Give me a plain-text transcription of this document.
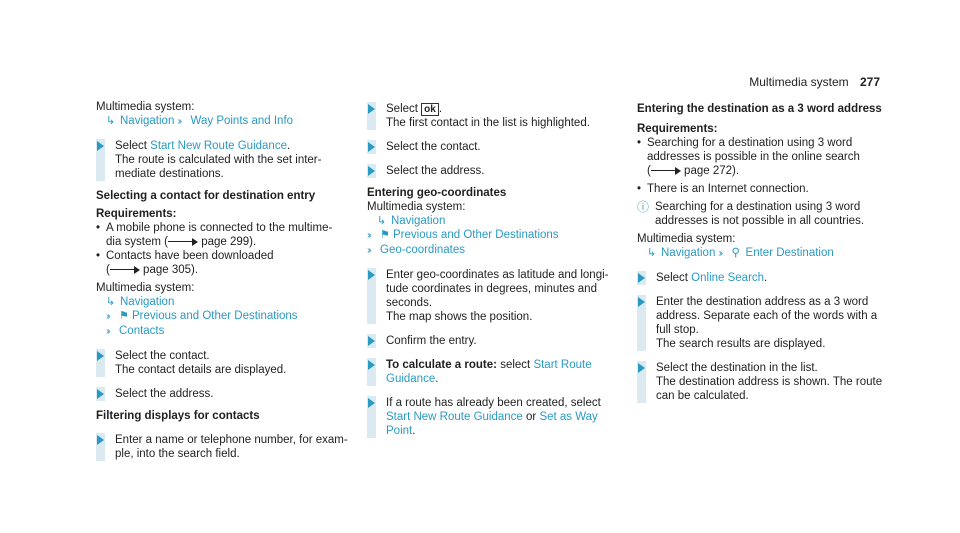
Multimedia system 277
Multimedia system:
↳ Navigation ›› Way Points and Info
Select Start New Route Guidance.
The route is calculated with the set inter-
mediate destinations.
Selecting a contact for destination entry
Requirements:
• A mobile phone is connected to the multime-
dia system (	page 299).
• Contacts have been downloaded
(	page 305).
Multimedia system:
↳ Navigation
›› ⚑ Previous and Other Destinations
›› Contacts
Select the contact.
The contact details are displayed.
Select the address.
Filtering displays for contacts
Enter a name or telephone number, for exam-
ple, into the search field.
Select ok .
The first contact in the list is highlighted.
Select the contact.
Select the address.
Entering geo-coordinates
Multimedia system:
↳ Navigation
›› ⚑ Previous and Other Destinations
›› Geo-coordinates
Enter geo-coordinates as latitude and longi-
tude coordinates in degrees, minutes and
seconds.
The map shows the position.
Confirm the entry.
To calculate a route: select Start Route
Guidance.
If a route has already been created, select
Start New Route Guidance or Set as Way
Point.
Entering the destination as a 3 word address
Requirements:
• Searching for a destination using 3 word
addresses is possible in the online search
(	page 272).
• There is an Internet connection.
ⓘ Searching for a destination using 3 word
addresses is not possible in all countries.
Multimedia system:
↳ Navigation ›› ⚲ Enter Destination
Select Online Search.
Enter the destination address as a 3 word
address. Separate each of the words with a
full stop.
The search results are displayed.
Select the destination in the list.
The destination address is shown. The route
can be calculated.
